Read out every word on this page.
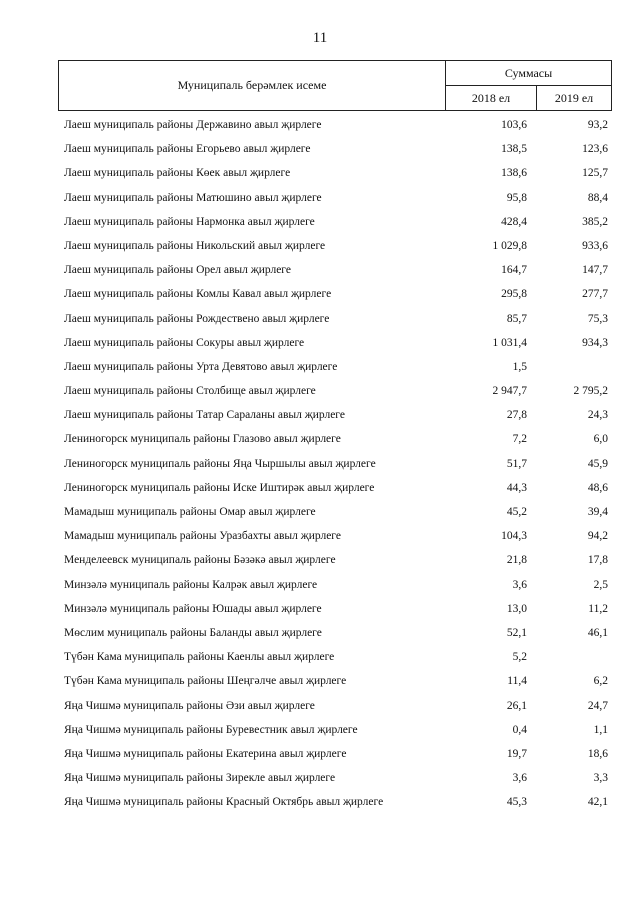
11
Муниципаль берәмлек исеме
Суммасы
2018 ел	2019 ел
Лаеш муниципаль районы Державино авыл җирлеге	103,6	93,2
Лаеш муниципаль районы Егорьево авыл җирлеге	138,5	123,6
Лаеш муниципаль районы Көек авыл җирлеге	138,6	125,7
Лаеш муниципаль районы Матюшино авыл җирлеге	95,8	88,4
Лаеш муниципаль районы Нармонка авыл җирлеге	428,4	385,2
Лаеш муниципаль районы Никольский авыл җирлеге	1 029,8	933,6
Лаеш муниципаль районы Орел авыл җирлеге	164,7	147,7
Лаеш муниципаль районы Комлы Кавал авыл җирлеге	295,8	277,7
Лаеш муниципаль районы Рождествено авыл җирлеге	85,7	75,3
Лаеш муниципаль районы Сокуры авыл җирлеге	1 031,4	934,3
Лаеш муниципаль районы Урта Девятово авыл җирлеге	1,5
Лаеш муниципаль районы Столбище авыл җирлеге	2 947,7	2 795,2
Лаеш муниципаль районы Татар Сараланы авыл җирлеге	27,8	24,3
Лениногорск муниципаль районы Глазово авыл җирлеге	7,2	6,0
Лениногорск муниципаль районы Яңа Чыршылы авыл җирлеге	51,7	45,9
Лениногорск муниципаль районы Иске Иштирәк авыл җирлеге	44,3	48,6
Мамадыш муниципаль районы Омар авыл җирлеге	45,2	39,4
Мамадыш муниципаль районы Уразбахты авыл җирлеге	104,3	94,2
Менделеевск муниципаль районы Бәзәкә авыл җирлеге	21,8	17,8
Минзәлә муниципаль районы Калрәк авыл җирлеге	3,6	2,5
Минзәлә муниципаль районы Юшады авыл җирлеге	13,0	11,2
Мөслим муниципаль районы Баланды авыл җирлеге	52,1	46,1
Түбән Кама муниципаль районы Каенлы авыл җирлеге	5,2
Түбән Кама муниципаль районы Шеңгәлче авыл җирлеге	11,4	6,2
Яңа Чишмә муниципаль районы Әзи авыл җирлеге	26,1	24,7
Яңа Чишмә муниципаль районы Буревестник авыл җирлеге	0,4	1,1
Яңа Чишмә муниципаль районы Екатерина авыл җирлеге	19,7	18,6
Яңа Чишмә муниципаль районы Зирекле авыл җирлеге	3,6	3,3
Яңа Чишмә муниципаль районы Красный Октябрь авыл җирлеге	45,3	42,1
